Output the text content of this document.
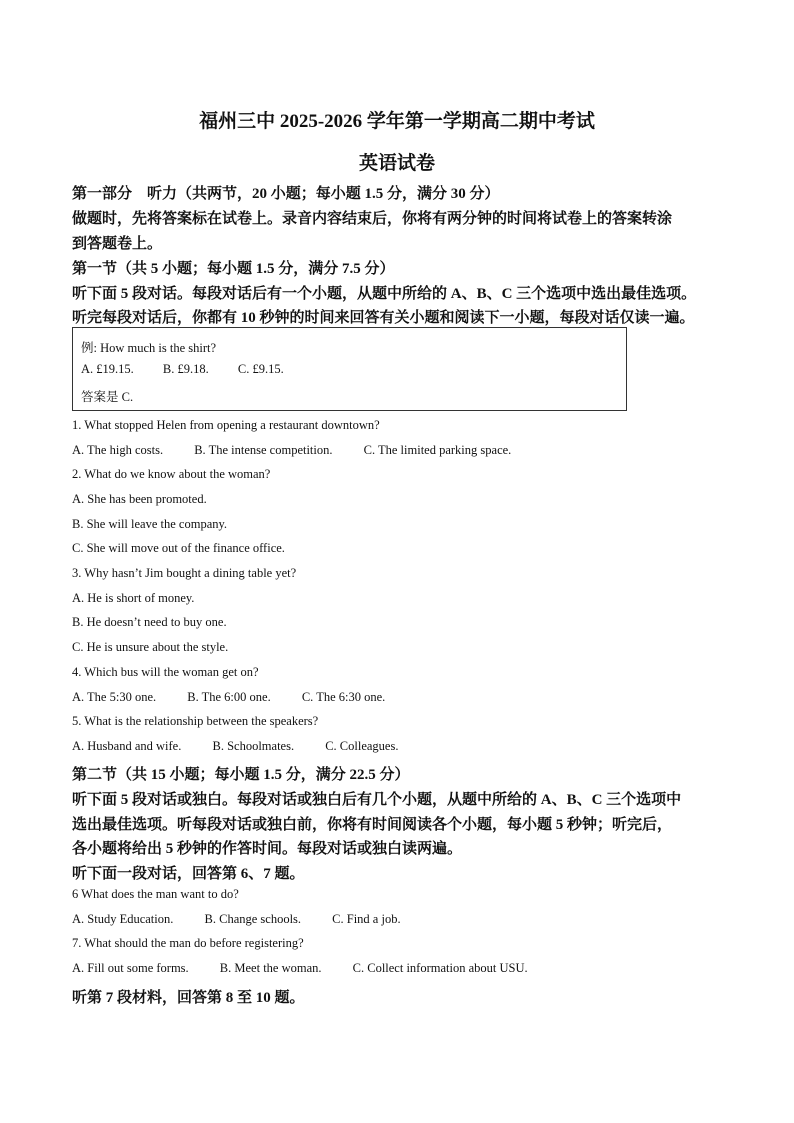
福州三中 2025-2026 学年第一学期高二期中考试
英语试卷
第一部分　听力（共两节，20 小题；每小题 1.5 分，满分 30 分）
做题时，先将答案标在试卷上。录音内容结束后，你将有两分钟的时间将试卷上的答案转涂
到答题卷上。
第一节（共 5 小题；每小题 1.5 分，满分 7.5 分）
听下面 5 段对话。每段对话后有一个小题，从题中所给的 A、B、C 三个选项中选出最佳选项。
听完每段对话后，你都有 10 秒钟的时间来回答有关小题和阅读下一小题，每段对话仅读一遍。
例: How much is the shirt?
A. £19.15. B. £9.18. C. £9.15.
答案是 C.
1. What stopped Helen from opening a restaurant downtown?
A. The high costs. B. The intense competition. C. The limited parking space.
2. What do we know about the woman?
A. She has been promoted.
B. She will leave the company.
C. She will move out of the finance office.
3. Why hasn’t Jim bought a dining table yet?
A. He is short of money.
B. He doesn’t need to buy one.
C. He is unsure about the style.
4. Which bus will the woman get on?
A. The 5:30 one. B. The 6:00 one. C. The 6:30 one.
5. What is the relationship between the speakers?
A. Husband and wife. B. Schoolmates. C. Colleagues.
第二节（共 15 小题；每小题 1.5 分，满分 22.5 分）
听下面 5 段对话或独白。每段对话或独白后有几个小题，从题中所给的 A、B、C 三个选项中
选出最佳选项。听每段对话或独白前，你将有时间阅读各个小题，每小题 5 秒钟；听完后，
各小题将给出 5 秒钟的作答时间。每段对话或独白读两遍。
听下面一段对话，回答第 6、7 题。
6 What does the man want to do?
A. Study Education. B. Change schools. C. Find a job.
7. What should the man do before registering?
A. Fill out some forms. B. Meet the woman. C. Collect information about USU.
听第 7 段材料，回答第 8 至 10 题。
